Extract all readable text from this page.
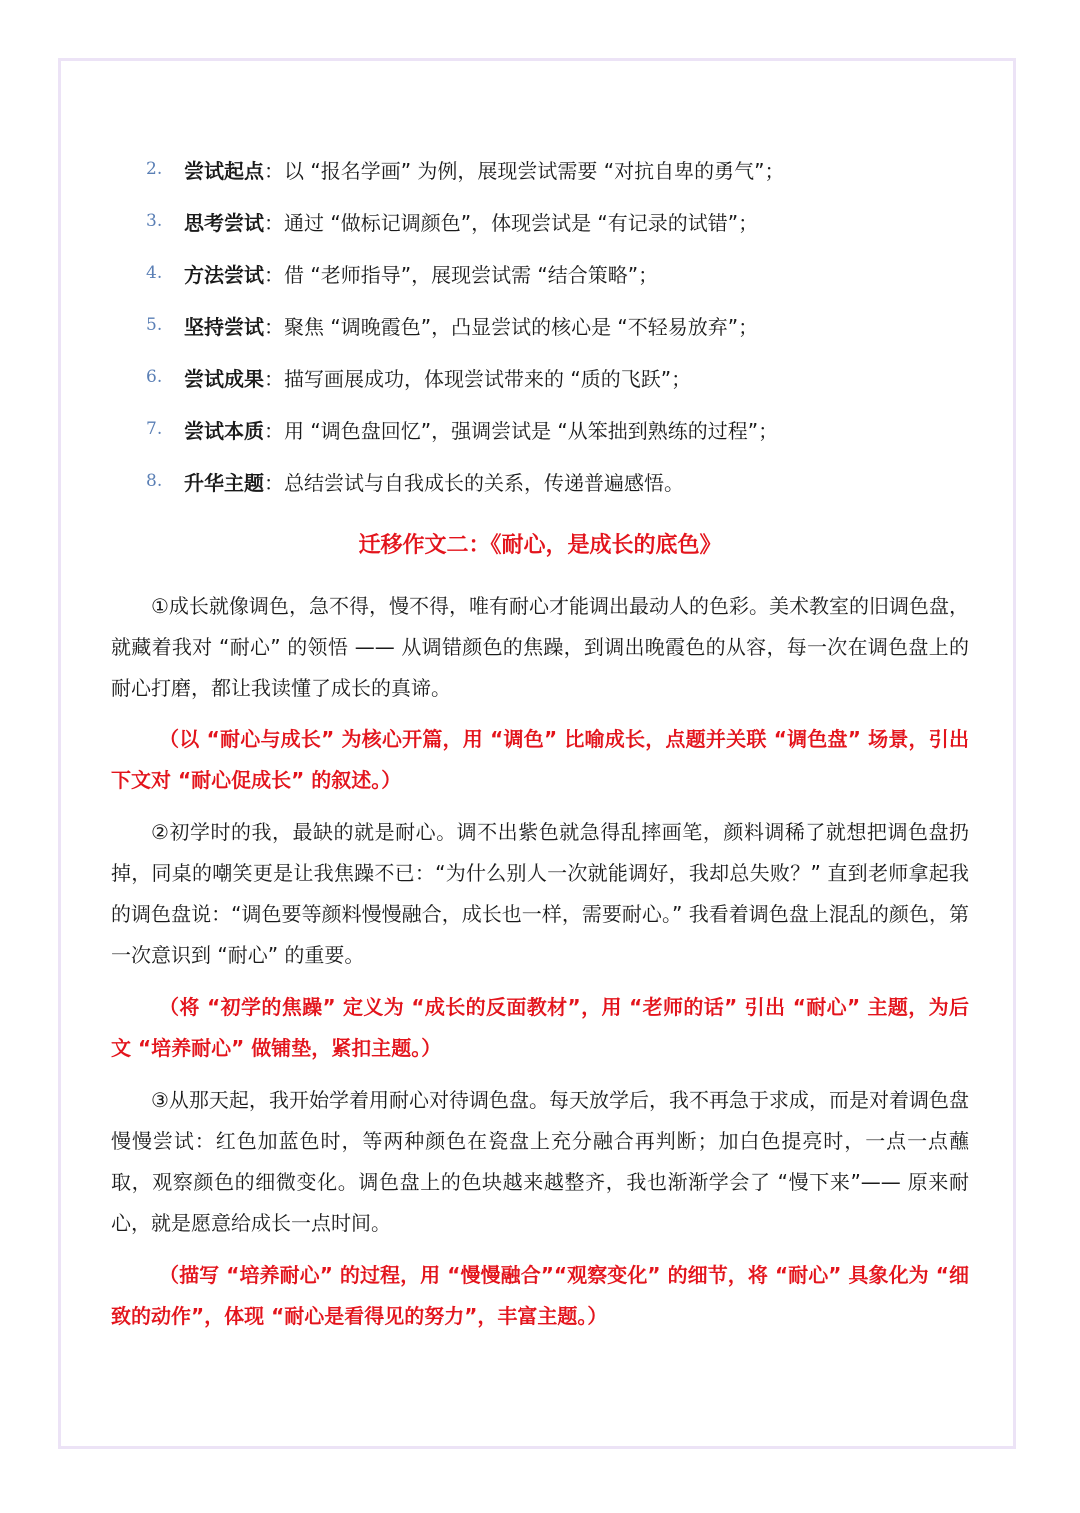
2.	尝试起点 ：以 “报名学画” 为例，展现尝试需要 “对抗自卑的勇气”；
3.	思考尝试 ：通过 “做标记调颜色”，体现尝试是 “有记录的试错”；
4.	方法尝试 ：借 “老师指导”，展现尝试需 “结合策略”；
5.	坚持尝试 ：聚焦 “调晚霞色”，凸显尝试的核心是 “不轻易放弃”；
6.	尝试成果 ：描写画展成功，体现尝试带来的 “质的飞跃”；
7.	尝试本质 ：用 “调色盘回忆”，强调尝试是 “从笨拙到熟练的过程”；
8.	升华主题 ：总结尝试与自我成长的关系，传递普遍感悟。
迁移作文二：《耐心，是成长的底色》

①成长就像调色，急不得，慢不得，唯有耐心才能调出最动人的色彩。美术教室的旧调色盘，就藏着我对 “耐心” 的领悟 —— 从调错颜色的焦躁，到调出晚霞色的从容，每一次在调色盘上的耐心打磨，都让我读懂了成长的真谛。

（以 “耐心与成长” 为核心开篇，用 “调色” 比喻成长，点题并关联 “调色盘” 场景，引出下文对 “耐心促成长” 的叙述。）

②初学时的我，最缺的就是耐心。调不出紫色就急得乱摔画笔，颜料调稀了就想把调色盘扔掉，同桌的嘲笑更是让我焦躁不已：“为什么别人一次就能调好，我却总失败？” 直到老师拿起我的调色盘说：“调色要等颜料慢慢融合，成长也一样，需要耐心。” 我看着调色盘上混乱的颜色，第一次意识到 “耐心” 的重要。

（将 “初学的焦躁” 定义为 “成长的反面教材”，用 “老师的话” 引出 “耐心” 主题，为后文 “培养耐心” 做铺垫，紧扣主题。）

③从那天起，我开始学着用耐心对待调色盘。每天放学后，我不再急于求成，而是对着调色盘慢慢尝试：红色加蓝色时，等两种颜色在瓷盘上充分融合再判断；加白色提亮时，一点一点蘸取，观察颜色的细微变化。调色盘上的色块越来越整齐，我也渐渐学会了 “慢下来”—— 原来耐心，就是愿意给成长一点时间。

（描写 “培养耐心” 的过程，用 “慢慢融合”“观察变化” 的细节，将 “耐心” 具象化为 “细致的动作”，体现 “耐心是看得见的努力”，丰富主题。）
